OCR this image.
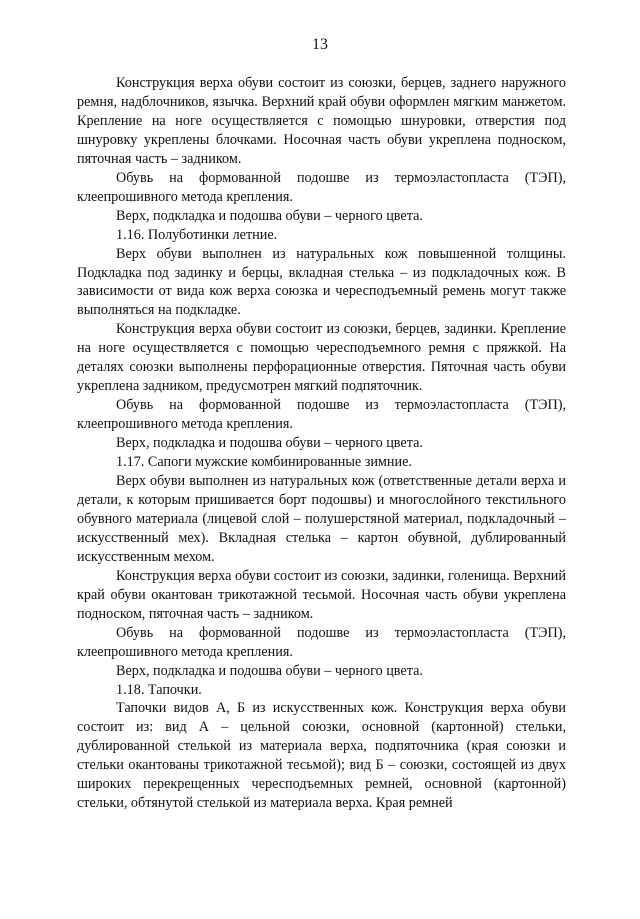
13

Конструкция верха обуви состоит из союзки, берцев, заднего наружного ремня, надблочников, язычка. Верхний край обуви оформлен мягким манжетом. Крепление на ноге осуществляется с помощью шнуровки, отверстия под шнуровку укреплены блочками. Носочная часть обуви укреплена подноском, пяточная часть – задником.

Обувь на формованной подошве из термоэластопласта (ТЭП), клеепрошивного метода крепления.

Верх, подкладка и подошва обуви – черного цвета.

1.16. Полуботинки летние.

Верх обуви выполнен из натуральных кож повышенной толщины. Подкладка под задинку и берцы, вкладная стелька – из подкладочных кож. В зависимости от вида кож верха союзка и чересподъемный ремень могут также выполняться на подкладке.

Конструкция верха обуви состоит из союзки, берцев, задинки. Крепление на ноге осуществляется с помощью чересподъемного ремня с пряжкой. На деталях союзки выполнены перфорационные отверстия. Пяточная часть обуви укреплена задником, предусмотрен мягкий подпяточник.

Обувь на формованной подошве из термоэластопласта (ТЭП), клеепрошивного метода крепления.

Верх, подкладка и подошва обуви – черного цвета.

1.17. Сапоги мужские комбинированные зимние.

Верх обуви выполнен из натуральных кож (ответственные детали верха и детали, к которым пришивается борт подошвы) и многослойного текстильного обувного материала (лицевой слой – полушерстяной материал, подкладочный – искусственный мех). Вкладная стелька – картон обувной, дублированный искусственным мехом.

Конструкция верха обуви состоит из союзки, задинки, голенища. Верхний край обуви окантован трикотажной тесьмой. Носочная часть обуви укреплена подноском, пяточная часть – задником.

Обувь на формованной подошве из термоэластопласта (ТЭП), клеепрошивного метода крепления.

Верх, подкладка и подошва обуви – черного цвета.

1.18. Тапочки.

Тапочки видов А, Б из искусственных кож. Конструкция верха обуви состоит из: вид А – цельной союзки, основной (картонной) стельки, дублированной стелькой из материала верха, подпяточника (края союзки и стельки окантованы трикотажной тесьмой); вид Б – союзки, состоящей из двух широких перекрещенных чересподъемных ремней, основной (картонной) стельки, обтянутой стелькой из материала верха. Края ремней
